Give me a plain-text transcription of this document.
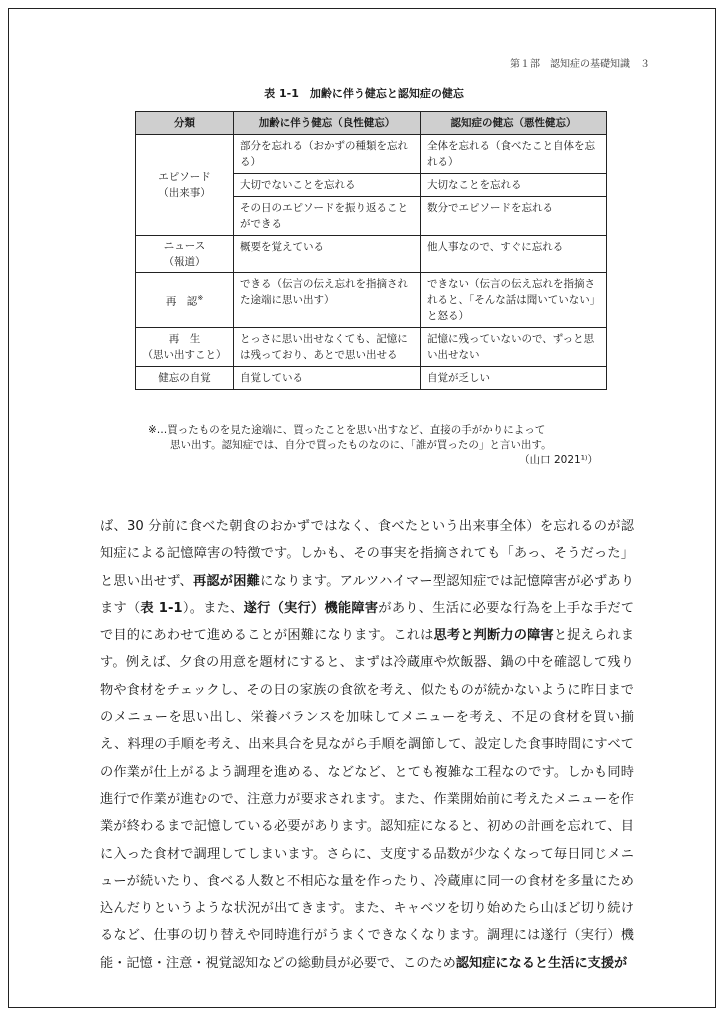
第１部　認知症の基礎知識　３
表 1-1　加齢に伴う健忘と認知症の健忘
分類	加齢に伴う健忘（良性健忘）	認知症の健忘（悪性健忘）

エピソード
（出来事）	部分を忘れる（おかずの種類を忘れる）	全体を忘れる（食べたこと自体を忘れる）
	大切でないことを忘れる	大切なことを忘れる
	その日のエピソードを振り返ることができる	数分でエピソードを忘れる

ニュース
（報道）	概要を覚えている	他人事なので、すぐに忘れる
再　認※	できる（伝言の伝え忘れを指摘された途端に思い出す）	できない（伝言の伝え忘れを指摘されると、「そんな話は聞いていない」と怒る）

再　生
（思い出すこと）	とっさに思い出せなくても、記憶には残っており、あとで思い出せる	記憶に残っていないので、ずっと思い出せない
健忘の自覚	自覚している	自覚が乏しい
※…買ったものを見た途端に、買ったことを思い出すなど、直接の手がかりによって
思い出す。認知症では、自分で買ったものなのに、「誰が買ったの」と言い出す。
（山口 2021¹⁾）
ば、30 分前に食べた朝食のおかずではなく、食べたという出来事全体）を忘れるのが認知症による記憶障害の特徴です。しかも、その事実を指摘されても「あっ、そうだった」と思い出せず、再認が困難になります。アルツハイマー型認知症では記憶障害が必ずあります（表 1-1）。また、遂行（実行）機能障害があり、生活に必要な行為を上手な手だてで目的にあわせて進めることが困難になります。これは思考と判断力の障害と捉えられます。例えば、夕食の用意を題材にすると、まずは冷蔵庫や炊飯器、鍋の中を確認して残り物や食材をチェックし、その日の家族の食欲を考え、似たものが続かないように昨日までのメニューを思い出し、栄養バランスを加味してメニューを考え、不足の食材を買い揃え、料理の手順を考え、出来具合を見ながら手順を調節して、設定した食事時間にすべての作業が仕上がるよう調理を進める、などなど、とても複雑な工程なのです。しかも同時進行で作業が進むので、注意力が要求されます。また、作業開始前に考えたメニューを作業が終わるまで記憶している必要があります。認知症になると、初めの計画を忘れて、目に入った食材で調理してしまいます。さらに、支度する品数が少なくなって毎日同じメニューが続いたり、食べる人数と不相応な量を作ったり、冷蔵庫に同一の食材を多量にため込んだりというような状況が出てきます。また、キャベツを切り始めたら山ほど切り続けるなど、仕事の切り替えや同時進行がうまくできなくなります。調理には遂行（実行）機能・記憶・注意・視覚認知などの総動員が必要で、このため認知症になると生活に支援が
